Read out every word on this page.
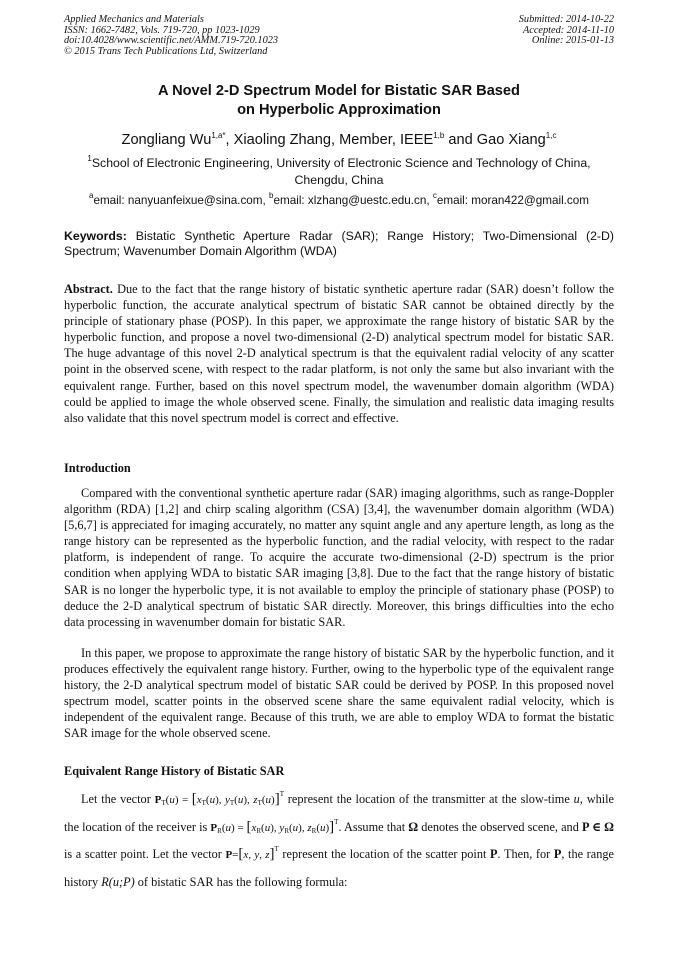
Applied Mechanics and Materials
ISSN: 1662-7482, Vols. 719-720, pp 1023-1029
doi:10.4028/www.scientific.net/AMM.719-720.1023
© 2015 Trans Tech Publications Ltd, Switzerland
Submitted: 2014-10-22
Accepted: 2014-11-10
Online: 2015-01-13
A Novel 2-D Spectrum Model for Bistatic SAR Based
on Hyperbolic Approximation
Zongliang $Wu^{1,a*}$, Xiaoling Zhang, Member, IEEE$^{1,b}$ and Gao Xiang$^{1,c}$
$^1$School of Electronic Engineering, University of Electronic Science and Technology of China, Chengdu, China
$^a$email: nanyuanfeixue@sina.com, $^b$email: xlzhang@uestc.edu.cn, $^c$email: moran422@gmail.com
Keywords: Bistatic Synthetic Aperture Radar (SAR); Range History; Two-Dimensional (2-D) Spectrum; Wavenumber Domain Algorithm (WDA)
Abstract. Due to the fact that the range history of bistatic synthetic aperture radar (SAR) doesn’t follow the hyperbolic function, the accurate analytical spectrum of bistatic SAR cannot be obtained directly by the principle of stationary phase (POSP). In this paper, we approximate the range history of bistatic SAR by the hyperbolic function, and propose a novel two-dimensional (2-D) analytical spectrum model for bistatic SAR. The huge advantage of this novel 2-D analytical spectrum is that the equivalent radial velocity of any scatter point in the observed scene, with respect to the radar platform, is not only the same but also invariant with the equivalent range. Further, based on this novel spectrum model, the wavenumber domain algorithm (WDA) could be applied to image the whole observed scene. Finally, the simulation and realistic data imaging results also validate that this novel spectrum model is correct and effective.
Introduction
Compared with the conventional synthetic aperture radar (SAR) imaging algorithms, such as range-Doppler algorithm (RDA) [1,2] and chirp scaling algorithm (CSA) [3,4], the wavenumber domain algorithm (WDA) [5,6,7] is appreciated for imaging accurately, no matter any squint angle and any aperture length, as long as the range history can be represented as the hyperbolic function, and the radial velocity, with respect to the radar platform, is independent of range. To acquire the accurate two-dimensional (2-D) spectrum is the prior condition when applying WDA to bistatic SAR imaging [3,8]. Due to the fact that the range history of bistatic SAR is no longer the hyperbolic type, it is not available to employ the principle of stationary phase (POSP) to deduce the 2-D analytical spectrum of bistatic SAR directly. Moreover, this brings difficulties into the echo data processing in wavenumber domain for bistatic SAR.
In this paper, we propose to approximate the range history of bistatic SAR by the hyperbolic function, and it produces effectively the equivalent range history. Further, owing to the hyperbolic type of the equivalent range history, the 2-D analytical spectrum model of bistatic SAR could be derived by POSP. In this proposed novel spectrum model, scatter points in the observed scene share the same equivalent radial velocity, which is independent of the equivalent range. Because of this truth, we are able to employ WDA to format the bistatic SAR image for the whole observed scene.
Equivalent Range History of Bistatic SAR
Let the vector $P_T(u) = [x_T(u)$, $y_T(u)$, $z_T(u)]^T$ represent the location of the transmitter at the slow-time u, while the location of the receiver is $P_R(u) = [x_R(u)$, $y_R(u)$, $z_R(u)]^T$. Assume that Ω denotes the observed scene, and P ∈ Ω is a scatter point. Let the vector P=[x, y, z]$^T$ represent the location of the scatter point P. Then, for P, the range history R(u;P) of bistatic SAR has the following formula:
